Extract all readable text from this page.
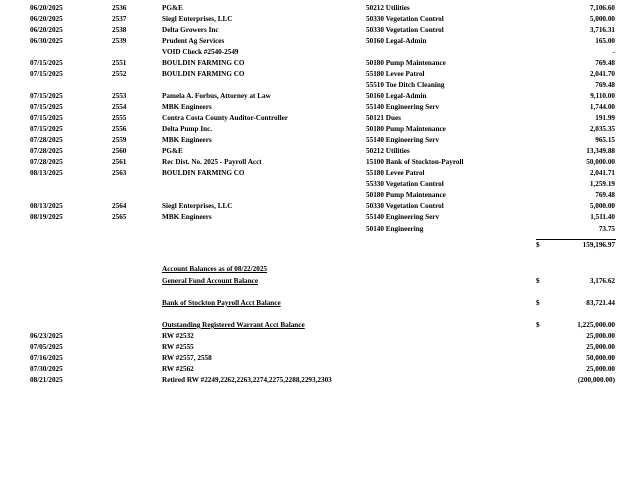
06/20/2025	2536	PG&E	50212 Utilities	7,106.60
06/20/2025	2537	Siegl Enterprises, LLC	50330 Vegetation Control	5,000.00
06/20/2025	2538	Delta Growers Inc	50330 Vegetation Control	3,716.31
06/30/2025	2539	Prudent Ag Services	50160 Legal-Admin	165.00
VOID Check #2540-2549	-
07/15/2025	2551	BOULDIN FARMING CO	50180 Pump Maintenance	769.48
07/15/2025	2552	BOULDIN FARMING CO	55180 Levee Patrol	2,041.70
55510 Toe Ditch Cleaning	769.48
07/15/2025	2553	Pamela A. Forbus, Attorney at Law	50160 Legal-Admin	9,110.00
07/15/2025	2554	MBK Engineers	55140 Engineering Serv	1,744.00
07/15/2025	2555	Contra Costa County Auditor-Controller	50121 Dues	191.99
07/15/2025	2556	Delta Pump Inc.	50180 Pump Maintenance	2,035.35
07/28/2025	2559	MBK Engineers	55140 Engineering Serv	965.15
07/28/2025	2560	PG&E	50212 Utilities	13,349.88
07/28/2025	2561	Rec Dist. No. 2025 - Payroll Acct	15100 Bank of Stockton-Payroll	50,000.00
08/13/2025	2563	BOULDIN FARMING CO	55180 Levee Patrol	2,041.71
55330 Vegetation Control	1,259.19
50180 Pump Maintenance	769.48
08/13/2025	2564	Siegl Enterprises, LLC	50330 Vegetation Control	5,000.00
08/19/2025	2565	MBK Engineers	55140 Engineering Serv	1,511.40
50140 Engineering	73.75
$	159,196.97
Account Balances as of 08/22/2025
General Fund Account Balance	$	3,176.62
Bank of Stockton Payroll Acct Balance	$	83,721.44
Outstanding Registered Warrant Acct Balance	$	1,225,000.00
06/23/2025	RW #2532	25,000.00
07/05/2025	RW #2555	25,000.00
07/16/2025	RW #2557, 2558	50,000.00
07/30/2025	RW #2562	25,000.00
08/21/2025	Retired RW #2249,2262,2263,2274,2275,2288,2293,2303	(200,000.00)
